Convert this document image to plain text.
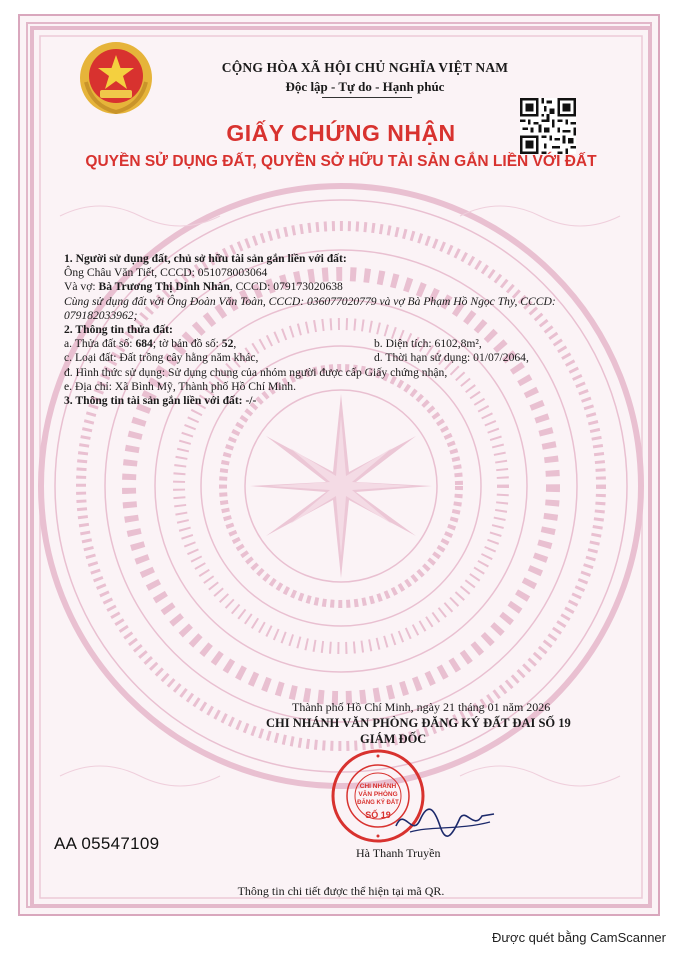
CỘNG HÒA XÃ HỘI CHỦ NGHĨA VIỆT NAM
Độc lập - Tự do - Hạnh phúc
GIẤY CHỨNG NHẬN
QUYỀN SỬ DỤNG ĐẤT, QUYỀN SỞ HỮU TÀI SẢN GẮN LIỀN VỚI ĐẤT
1. Người sử dụng đất, chủ sở hữu tài sản gắn liền với đất:
Ông Châu Văn Tiết, CCCD: 051078003064
Và vợ: Bà Trương Thị Dinh Nhàn, CCCD: 079173020638
Cùng sử dụng đất với Ông Đoàn Văn Toàn, CCCD: 036077020779 và vợ Bà Phạm Hồ Ngọc Thy, CCCD:
079182033962;
2. Thông tin thửa đất:
a. Thửa đất số: 684; tờ bản đồ số: 52,	b. Diện tích: 6102,8m²,
c. Loại đất: Đất trồng cây hằng năm khác,	d. Thời hạn sử dụng: 01/07/2064,
đ. Hình thức sử dụng: Sử dụng chung của nhóm người được cấp Giấy chứng nhận,
e. Địa chỉ: Xã Bình Mỹ, Thành phố Hồ Chí Minh.
3. Thông tin tài sản gắn liền với đất: -/-
Thành phố Hồ Chí Minh, ngày 21 tháng 01 năm 2026
CHI NHÁNH VĂN PHÒNG ĐĂNG KÝ ĐẤT ĐAI SỐ 19
GIÁM ĐỐC
CHI NHÁNH
VĂN PHÒNG
ĐĂNG KÝ ĐẤT
SỐ 19
Hà Thanh Truyền
AA 05547109
Thông tin chi tiết được thể hiện tại mã QR.
Được quét bằng CamScanner
